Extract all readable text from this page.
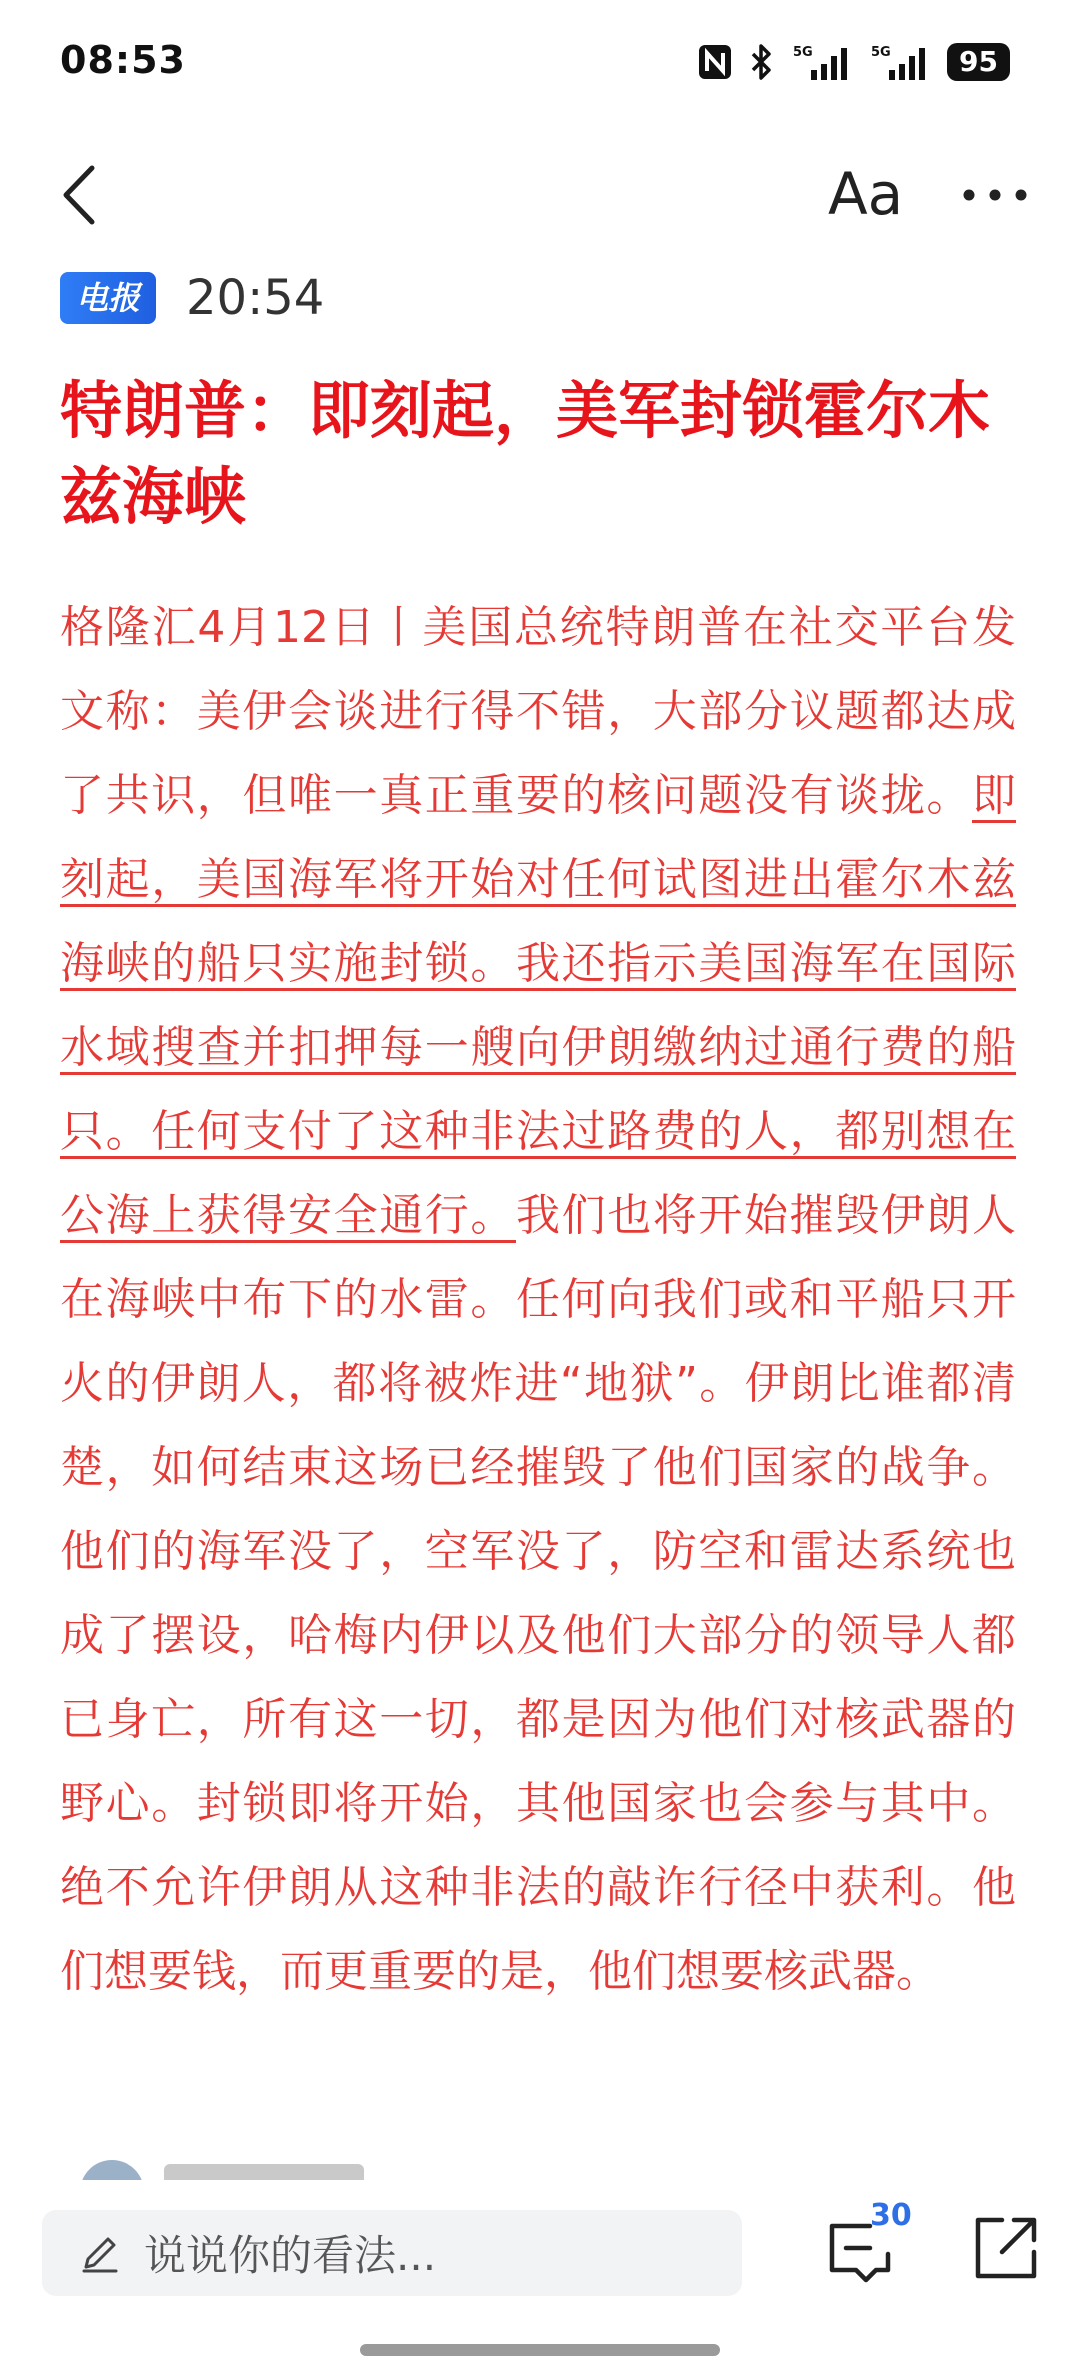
08:53	5G	5G	95
Aa
电报 20:54
特朗普：即刻起，美军封锁霍尔木兹海峡

格隆汇4月12日丨美国总统特朗普在社交平台发文称：美伊会谈进行得不错，大部分议题都达成了共识，但唯一真正重要的核问题没有谈拢。即刻起，美国海军将开始对任何试图进出霍尔木兹海峡的船只实施封锁。我还指示美国海军在国际水域搜查并扣押每一艘向伊朗缴纳过通行费的船只。任何支付了这种非法过路费的人，都别想在公海上获得安全通行。我们也将开始摧毁伊朗人在海峡中布下的水雷。任何向我们或和平船只开火的伊朗人，都将被炸进“地狱”。伊朗比谁都清楚，如何结束这场已经摧毁了他们国家的战争。他们的海军没了，空军没了，防空和雷达系统也成了摆设，哈梅内伊以及他们大部分的领导人都已身亡，所有这一切，都是因为他们对核武器的野心。封锁即将开始，其他国家也会参与其中。绝不允许伊朗从这种非法的敲诈行径中获利。他们想要钱，而更重要的是，他们想要核武器。

说说你的看法...
30
